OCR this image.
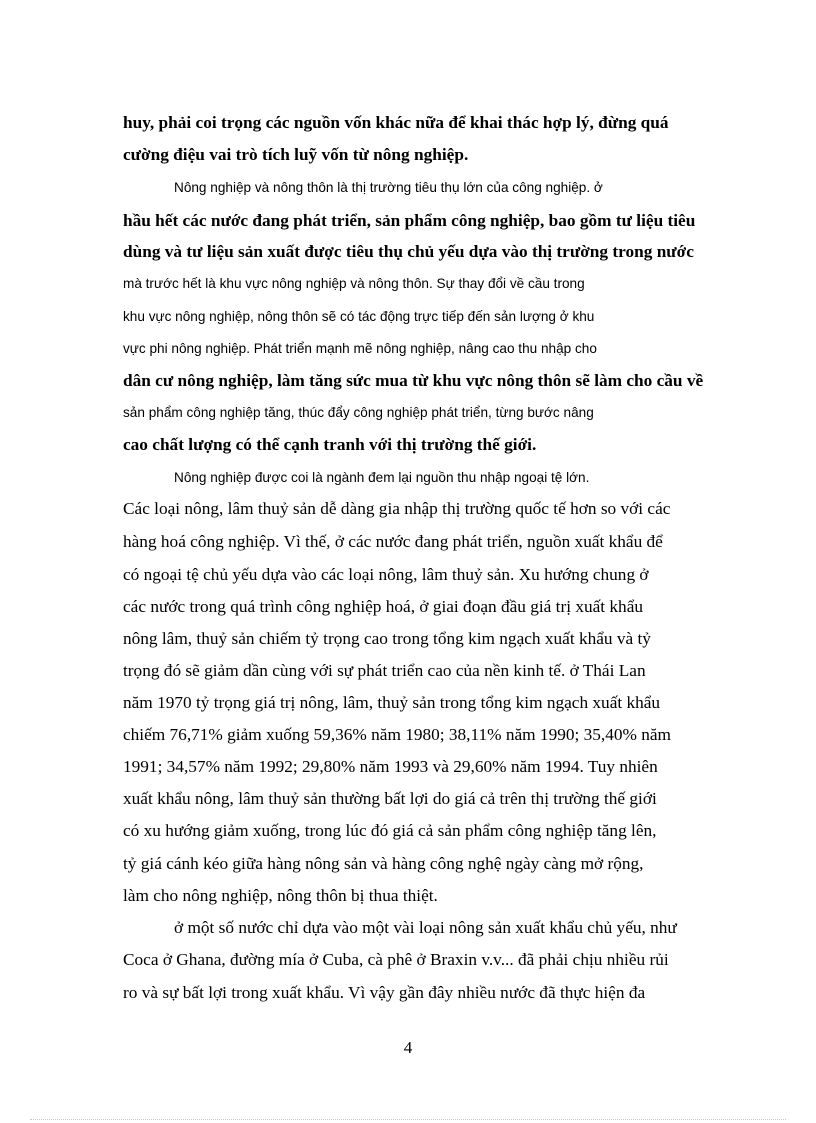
huy, phải coi trọng các nguồn vốn khác nữa để khai thác hợp lý, đừng quá
cường điệu vai trò tích luỹ vốn từ nông nghiệp.
Nông nghiệp và nông thôn là thị trường tiêu thụ lớn của công nghiệp. ở
hầu hết các nước đang phát triển, sản phẩm công nghiệp, bao gồm tư liệu tiêu
dùng và tư liệu sản xuất được tiêu thụ chủ yếu dựa vào thị trường trong nước
mà trước hết là khu vực nông nghiệp và nông thôn. Sự thay đổi về cầu trong
khu vực nông nghiệp, nông thôn sẽ có tác động trực tiếp đến sản lượng ở khu
vực phi nông nghiệp. Phát triển mạnh mẽ nông nghiệp, nâng cao thu nhập cho
dân cư nông nghiệp, làm tăng sức mua từ khu vực nông thôn sẽ làm cho cầu về
sản phẩm công nghiệp tăng, thúc đẩy công nghiệp phát triển, từng bước nâng
cao chất lượng có thể cạnh tranh với thị trường thế giới.
Nông nghiệp được coi là ngành đem lại nguồn thu nhập ngoại tệ lớn.
Các loại nông, lâm thuỷ sản dễ dàng gia nhập thị trường quốc tế hơn so với các
hàng hoá công nghiệp. Vì thế, ở các nước đang phát triển, nguồn xuất khẩu để
có ngoại tệ chủ yếu dựa vào các loại nông, lâm thuỷ sản. Xu hướng chung ở
các nước trong quá trình công nghiệp hoá, ở giai đoạn đầu giá trị xuất khẩu
nông lâm, thuỷ sản chiếm tỷ trọng cao trong tổng kim ngạch xuất khẩu và tỷ
trọng đó sẽ giảm dần cùng với sự phát triển cao của nền kinh tế. ở Thái Lan
năm 1970 tỷ trọng giá trị nông, lâm, thuỷ sản trong tổng kim ngạch xuất khẩu
chiếm 76,71% giảm xuống 59,36% năm 1980; 38,11% năm 1990; 35,40% năm
1991; 34,57% năm 1992; 29,80% năm 1993 và 29,60% năm 1994. Tuy nhiên
xuất khẩu nông, lâm thuỷ sản thường bất lợi do giá cả trên thị trường thế giới
có xu hướng giảm xuống, trong lúc đó giá cả sản phẩm công nghiệp tăng lên,
tỷ giá cánh kéo giữa hàng nông sản và hàng công nghệ ngày càng mở rộng,
làm cho nông nghiệp, nông thôn bị thua thiệt.
ở một số nước chỉ dựa vào một vài loại nông sản xuất khẩu chủ yếu, như
Coca ở Ghana, đường mía ở Cuba, cà phê ở Braxin v.v... đã phải chịu nhiều rủi
ro và sự bất lợi trong xuất khẩu. Vì vậy gần đây nhiều nước đã thực hiện đa
4
